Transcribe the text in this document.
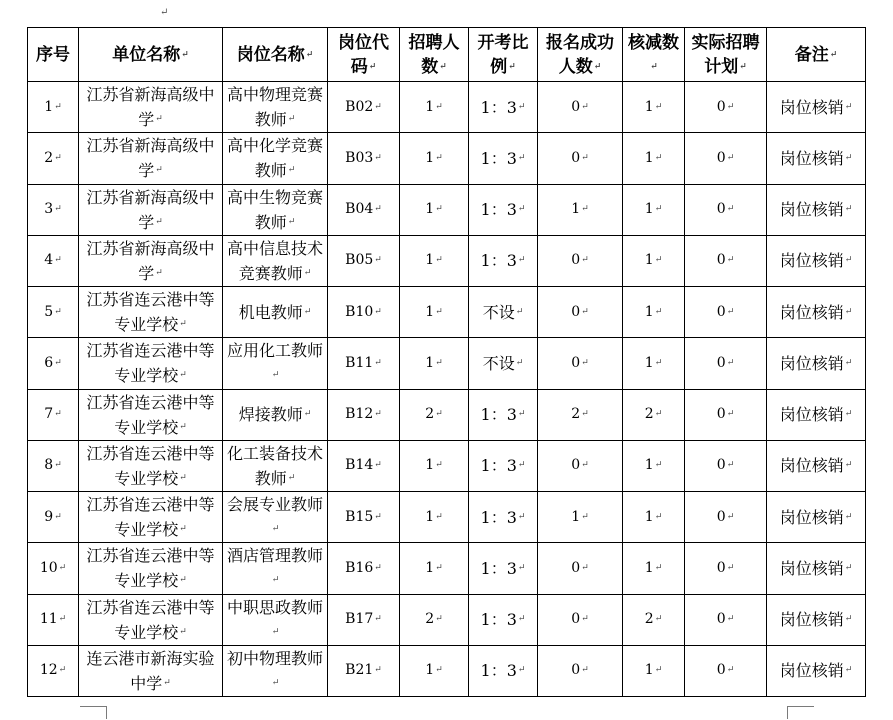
↵
序号	单位名称 ↵	岗位名称 ↵	岗位代码 ↵	招聘人数 ↵	开考比例 ↵	报名成功人数 ↵	核减数 ↵	实际招聘计划 ↵	备注 ↵
1 ↵	江苏省新海高级中学 ↵	高中物理竞赛教师 ↵	B02 ↵	1 ↵	1：3 ↵	0 ↵	1 ↵	0 ↵	岗位核销 ↵
2 ↵	江苏省新海高级中学 ↵	高中化学竞赛教师 ↵	B03 ↵	1 ↵	1：3 ↵	0 ↵	1 ↵	0 ↵	岗位核销 ↵
3 ↵	江苏省新海高级中学 ↵	高中生物竞赛教师 ↵	B04 ↵	1 ↵	1：3 ↵	1 ↵	1 ↵	0 ↵	岗位核销 ↵
4 ↵	江苏省新海高级中学 ↵	高中信息技术竞赛教师 ↵	B05 ↵	1 ↵	1：3 ↵	0 ↵	1 ↵	0 ↵	岗位核销 ↵
5 ↵	江苏省连云港中等专业学校 ↵	机电教师 ↵	B10 ↵	1 ↵	不设 ↵	0 ↵	1 ↵	0 ↵	岗位核销 ↵
6 ↵	江苏省连云港中等专业学校 ↵	应用化工教师 ↵	B11 ↵	1 ↵	不设 ↵	0 ↵	1 ↵	0 ↵	岗位核销 ↵
7 ↵	江苏省连云港中等专业学校 ↵	焊接教师 ↵	B12 ↵	2 ↵	1：3 ↵	2 ↵	2 ↵	0 ↵	岗位核销 ↵
8 ↵	江苏省连云港中等专业学校 ↵	化工装备技术教师 ↵	B14 ↵	1 ↵	1：3 ↵	0 ↵	1 ↵	0 ↵	岗位核销 ↵
9 ↵	江苏省连云港中等专业学校 ↵	会展专业教师 ↵	B15 ↵	1 ↵	1：3 ↵	1 ↵	1 ↵	0 ↵	岗位核销 ↵
10 ↵	江苏省连云港中等专业学校 ↵	酒店管理教师 ↵	B16 ↵	1 ↵	1：3 ↵	0 ↵	1 ↵	0 ↵	岗位核销 ↵
11 ↵	江苏省连云港中等专业学校 ↵	中职思政教师 ↵	B17 ↵	2 ↵	1：3 ↵	0 ↵	2 ↵	0 ↵	岗位核销 ↵
12 ↵	连云港市新海实验中学 ↵	初中物理教师 ↵	B21 ↵	1 ↵	1：3 ↵	0 ↵	1 ↵	0 ↵	岗位核销 ↵
